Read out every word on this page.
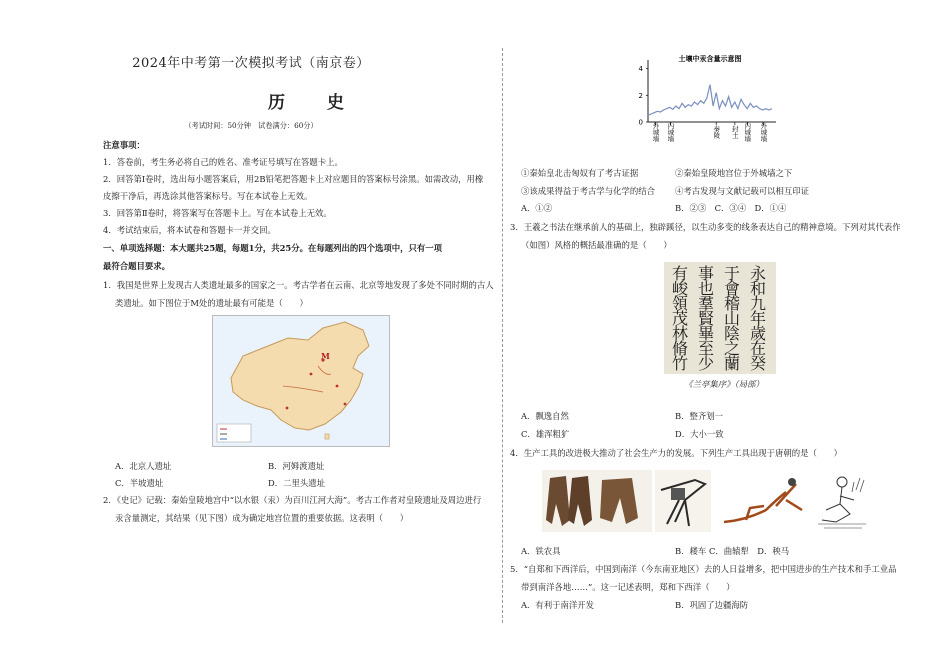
2024年中考第一次模拟考试（南京卷）
历 史
（考试时间：50分钟　试卷满分：60分）
注意事项：
1．答卷前，考生务必将自己的姓名、准考证号填写在答题卡上。
2．回答第Ⅰ卷时，选出每小题答案后，用2B铅笔把答题卡上对应题目的答案标号涂黑。如需改动，用橡
皮擦干净后，再选涂其他答案标号。写在本试卷上无效。
3．回答第Ⅱ卷时，将答案写在答题卡上。写在本试卷上无效。
4．考试结束后，将本试卷和答题卡一并交回。
一、单项选择题：本大题共25题，每题1分，共25分。在每题列出的四个选项中，只有一项
最符合题目要求。
1．我国是世界上发现古人类遗址最多的国家之一。考古学者在云南、北京等地发现了多处不同时期的古人
类遗址。如下图位于M处的遗址最有可能是（　　）
M
A．北京人遗址	B．河姆渡遗址
C．半坡遗址	D．二里头遗址
2．《史记》记载：秦始皇陵地宫中“以水银（汞）为百川江河大海”。考古工作者对皇陵遗址及周边进行
汞含量测定，其结果（见下图）成为确定地宫位置的重要依据。这表明（　　）
土壤中汞含量示意图
0
2
4
外城墙 内城墙	秦陵 封土 内城墙 外城墙
①秦始皇北击匈奴有了考古证据	②秦始皇陵地宫位于外城墙之下
③该成果得益于考古学与化学的结合 ④考古发现与文献记载可以相互印证
A．①②	B．②③　C．③④　D．①④
3．王羲之书法在继承前人的基础上，独辟蹊径，以生动多变的线条表达自己的精神意境。下列对其代表作
（如图）风格的概括最准确的是（　　）
永和九年歲在癸
于會稽山陰之蘭
事也羣賢畢至少
有峻領茂林脩竹
《兰亭集序》（局部）
A．飘逸自然	B．整齐划一
C．雄浑粗犷	D．大小一致
4．生产工具的改进极大推动了社会生产力的发展。下列生产工具出现于唐朝的是（　　）
A．铁农具	B．耧车 C．曲辕犁　D．秧马
5．“自郑和下西洋后，中国到南洋（今东南亚地区）去的人日益增多，把中国进步的生产技术和手工业品
带到南洋各地……”。这一记述表明，郑和下西洋（　　）
A．有利于南洋开发	B．巩固了边疆海防
